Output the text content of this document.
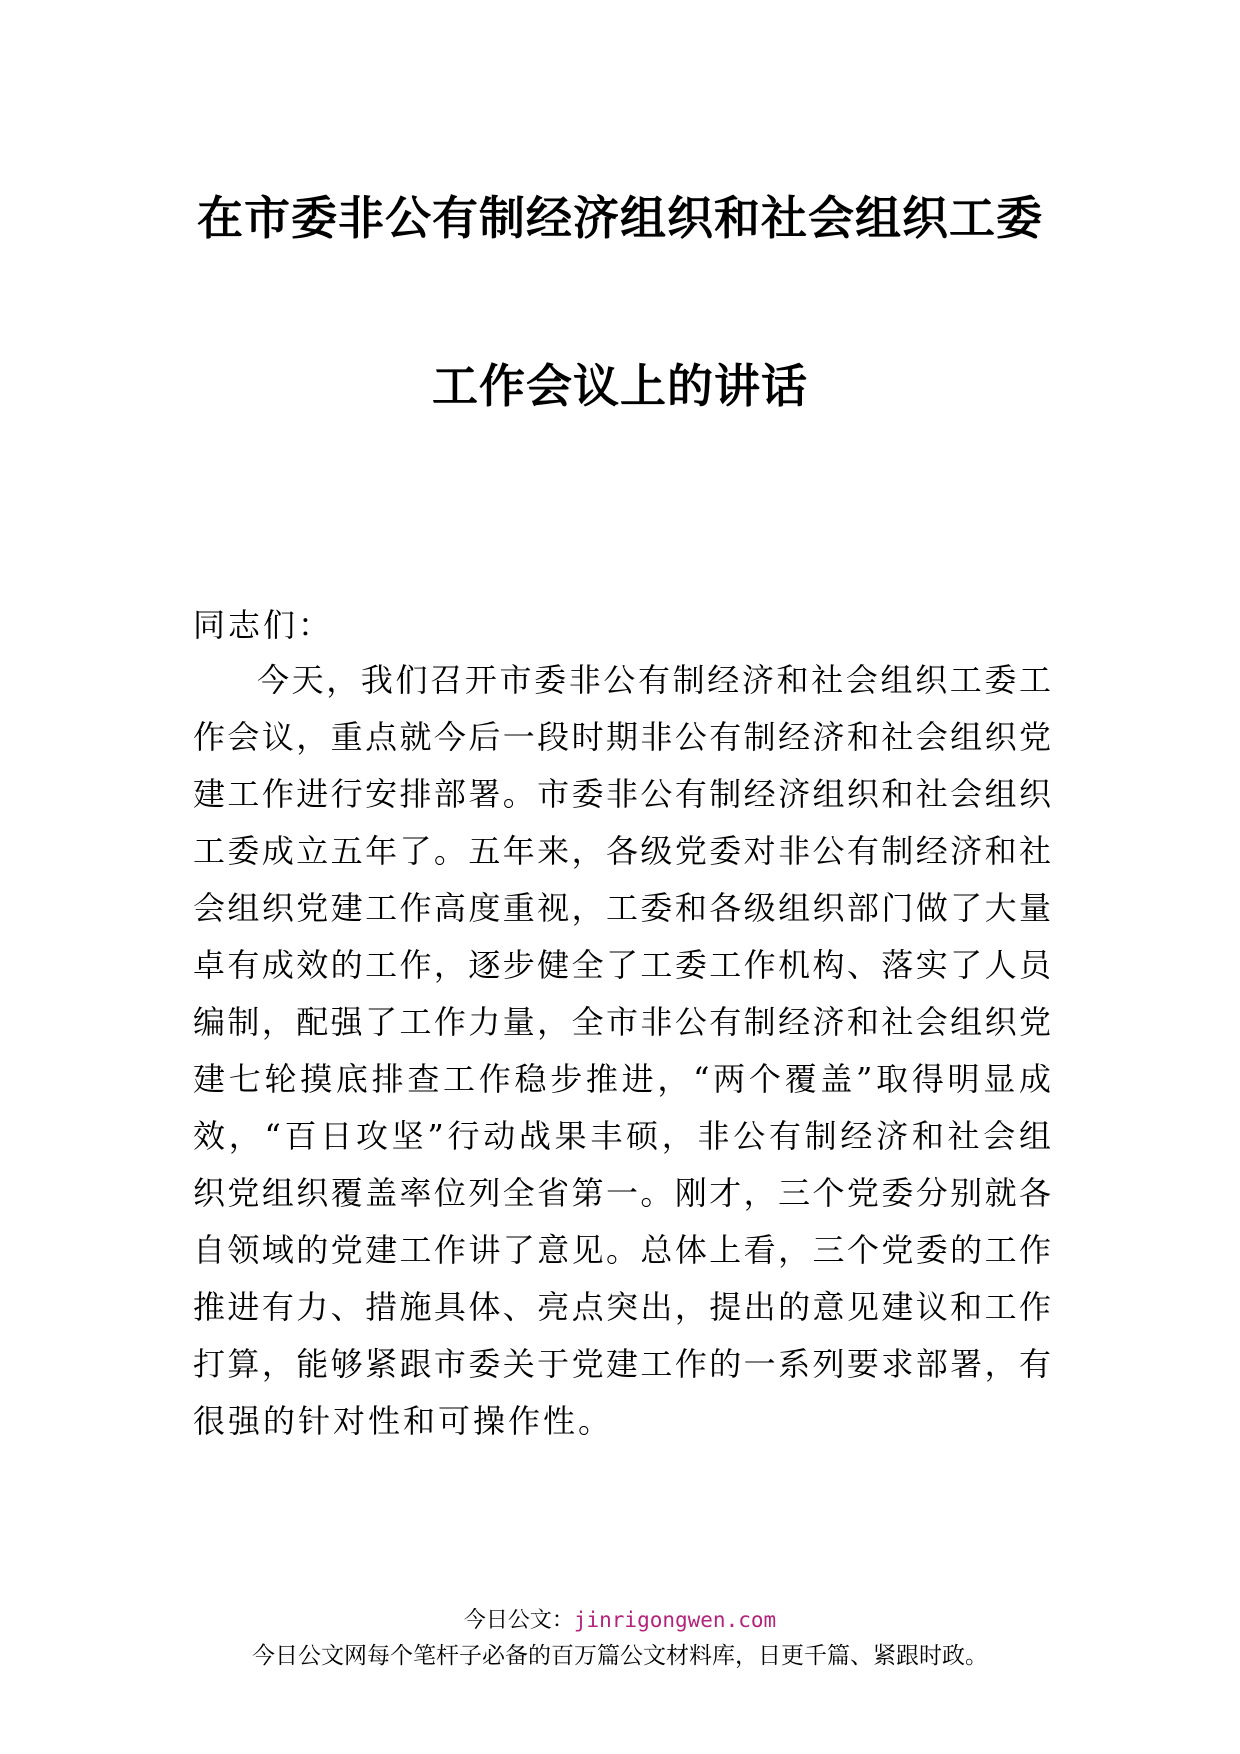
在市委非公有制经济组织和社会组织工委
工作会议上的讲话
同志们：
今天，我们召开市委非公有制经济和社会组织工委工
作会议，重点就今后一段时期非公有制经济和社会组织党
建工作进行安排部署。市委非公有制经济组织和社会组织
工委成立五年了。五年来，各级党委对非公有制经济和社
会组织党建工作高度重视，工委和各级组织部门做了大量
卓有成效的工作，逐步健全了工委工作机构、落实了人员
编制，配强了工作力量，全市非公有制经济和社会组织党
建七轮摸底排查工作稳步推进，“两个覆盖”取得明显成
效，“百日攻坚”行动战果丰硕，非公有制经济和社会组
织党组织覆盖率位列全省第一。刚才，三个党委分别就各
自领域的党建工作讲了意见。总体上看，三个党委的工作
推进有力、措施具体、亮点突出，提出的意见建议和工作
打算，能够紧跟市委关于党建工作的一系列要求部署，有
很强的针对性和可操作性。
今日公文：jinrigongwen.com
今日公文网每个笔杆子必备的百万篇公文材料库，日更千篇、紧跟时政。
